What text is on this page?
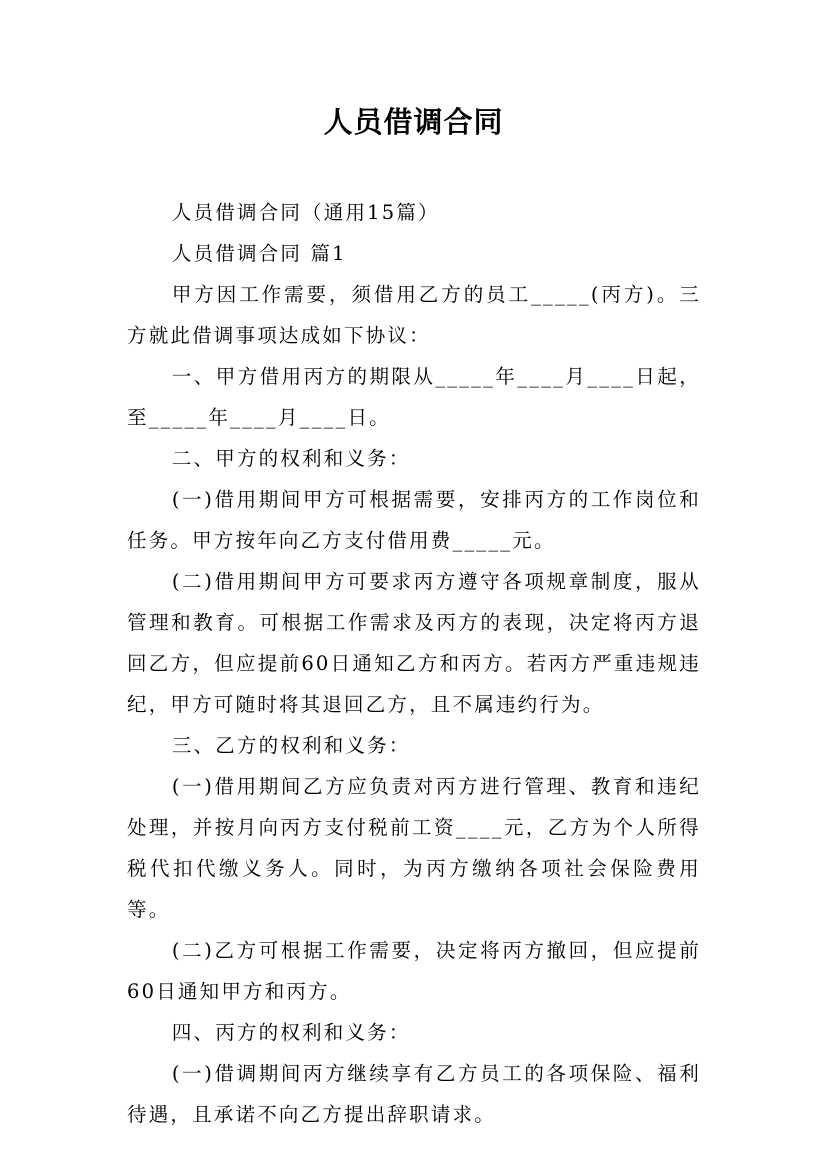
人员借调合同

人员借调合同（通用15篇）

人员借调合同 篇1

甲方因工作需要，须借用乙方的员工_____(丙方)。三方就此借调事项达成如下协议：

一、甲方借用丙方的期限从_____年____月____日起，至_____年____月____日。

二、甲方的权利和义务：

(一)借用期间甲方可根据需要，安排丙方的工作岗位和任务。甲方按年向乙方支付借用费_____元。

(二)借用期间甲方可要求丙方遵守各项规章制度，服从管理和教育。可根据工作需求及丙方的表现，决定将丙方退回乙方，但应提前60日通知乙方和丙方。若丙方严重违规违纪，甲方可随时将其退回乙方，且不属违约行为。

三、乙方的权利和义务：

(一)借用期间乙方应负责对丙方进行管理、教育和违纪处理，并按月向丙方支付税前工资____元，乙方为个人所得税代扣代缴义务人。同时，为丙方缴纳各项社会保险费用等。

(二)乙方可根据工作需要，决定将丙方撤回，但应提前60日通知甲方和丙方。

四、丙方的权利和义务：

(一)借调期间丙方继续享有乙方员工的各项保险、福利待遇，且承诺不向乙方提出辞职请求。
